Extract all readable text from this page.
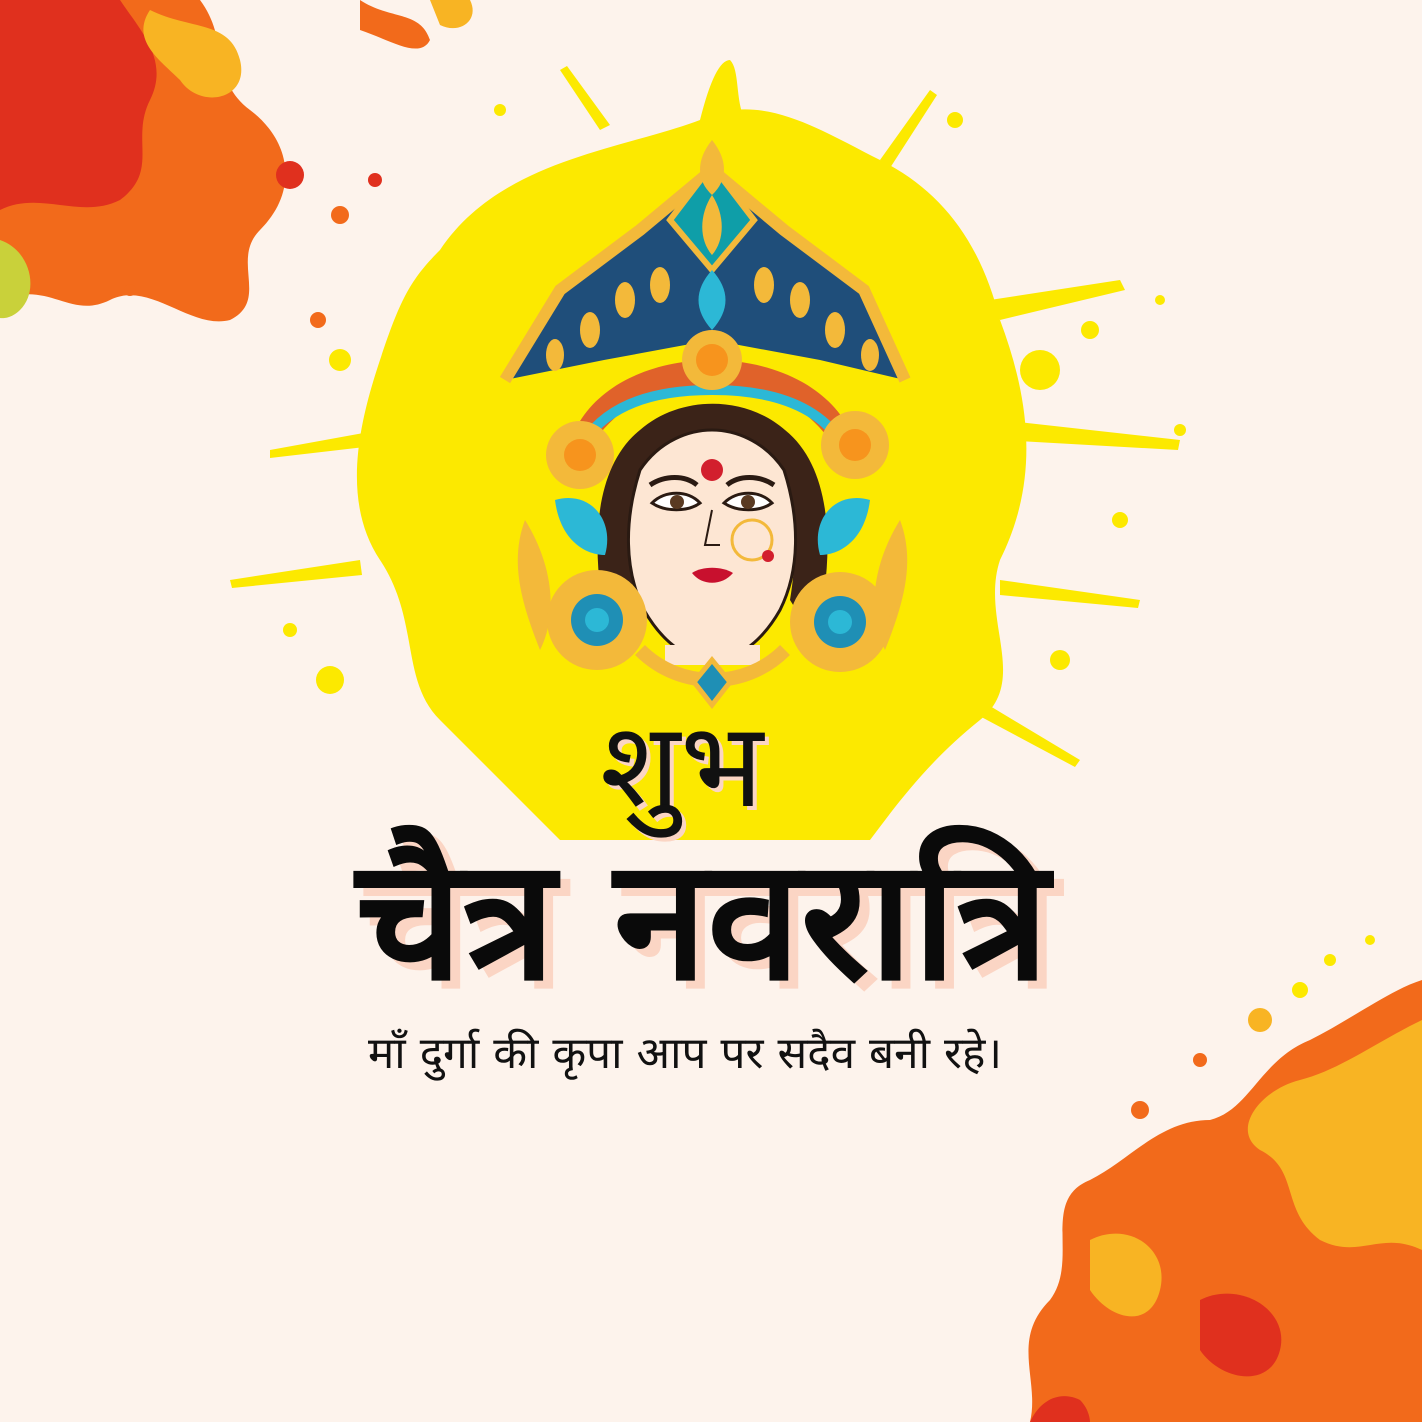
शुभ
चैत्र नवरात्रि
माँ दुर्गा की कृपा आप पर सदैव बनी रहे।
